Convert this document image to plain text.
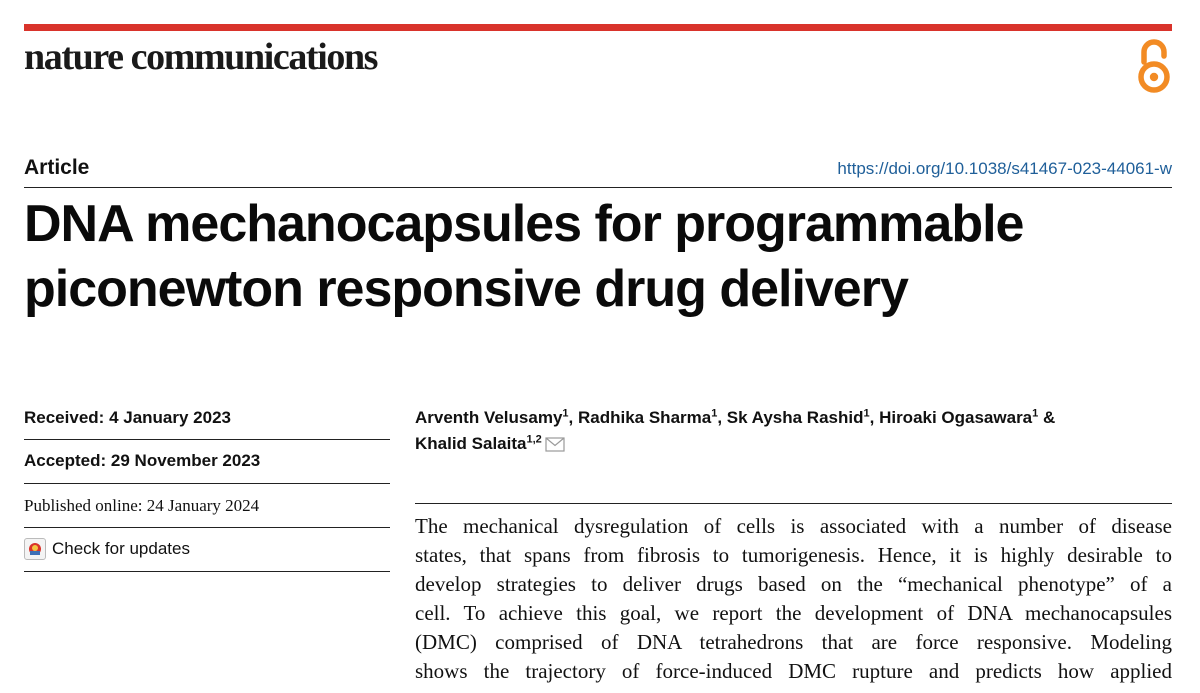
nature communications
Article	https://doi.org/10.1038/s41467-023-44061-w
DNA mechanocapsules for programmable
piconewton responsive drug delivery
Received: 4 January 2023
Accepted: 29 November 2023
Published online: 24 January 2024
Check for updates
Arventh Velusamy$^1$, Radhika Sharma$^1$, Sk Aysha Rashid$^1$, Hiroaki Ogasawara$^1$ &
Khalid Salaita$^{1,2}$
The mechanical dysregulation of cells is associated with a number of disease
states, that spans from fibrosis to tumorigenesis. Hence, it is highly desirable to
develop strategies to deliver drugs based on the “mechanical phenotype” of a
cell. To achieve this goal, we report the development of DNA mechanocapsules
(DMC) comprised of DNA tetrahedrons that are force responsive. Modeling
shows the trajectory of force-induced DMC rupture and predicts how applied
